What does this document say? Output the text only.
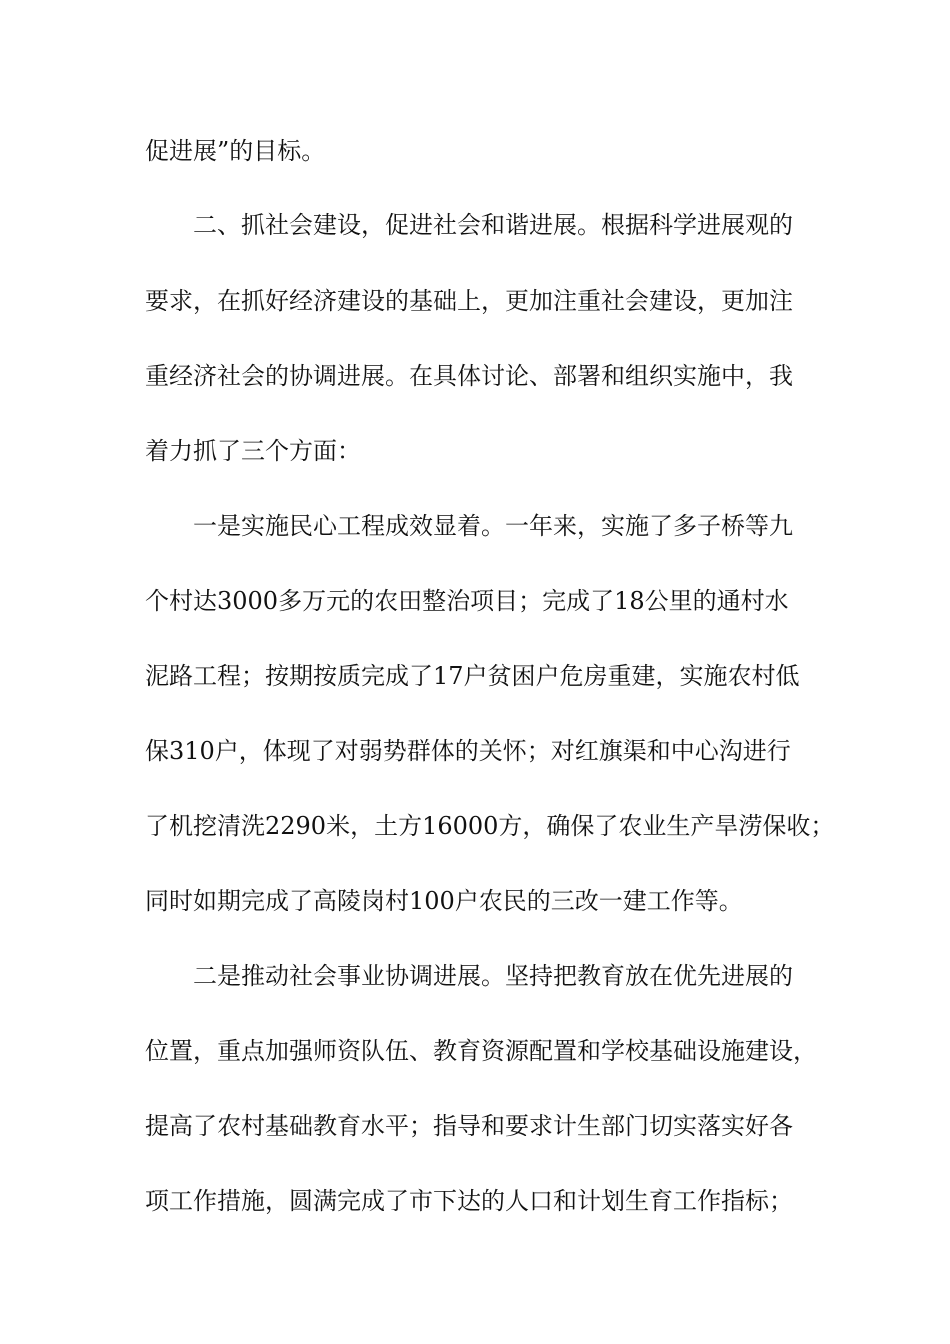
促进展”的目标。
二、抓社会建设，促进社会和谐进展。根据科学进展观的
要求，在抓好经济建设的基础上，更加注重社会建设，更加注
重经济社会的协调进展。在具体讨论、部署和组织实施中，我
着力抓了三个方面：
一是实施民心工程成效显着。一年来，实施了多子桥等九
个村达3000多万元的农田整治项目；完成了18公里的通村水
泥路工程；按期按质完成了17户贫困户危房重建，实施农村低
保310户，体现了对弱势群体的关怀；对红旗渠和中心沟进行
了机挖清洗2290米，土方16000方，确保了农业生产旱涝保收；
同时如期完成了高陵岗村100户农民的三改一建工作等。
二是推动社会事业协调进展。坚持把教育放在优先进展的
位置，重点加强师资队伍、教育资源配置和学校基础设施建设，
提高了农村基础教育水平；指导和要求计生部门切实落实好各
项工作措施，圆满完成了市下达的人口和计划生育工作指标；
